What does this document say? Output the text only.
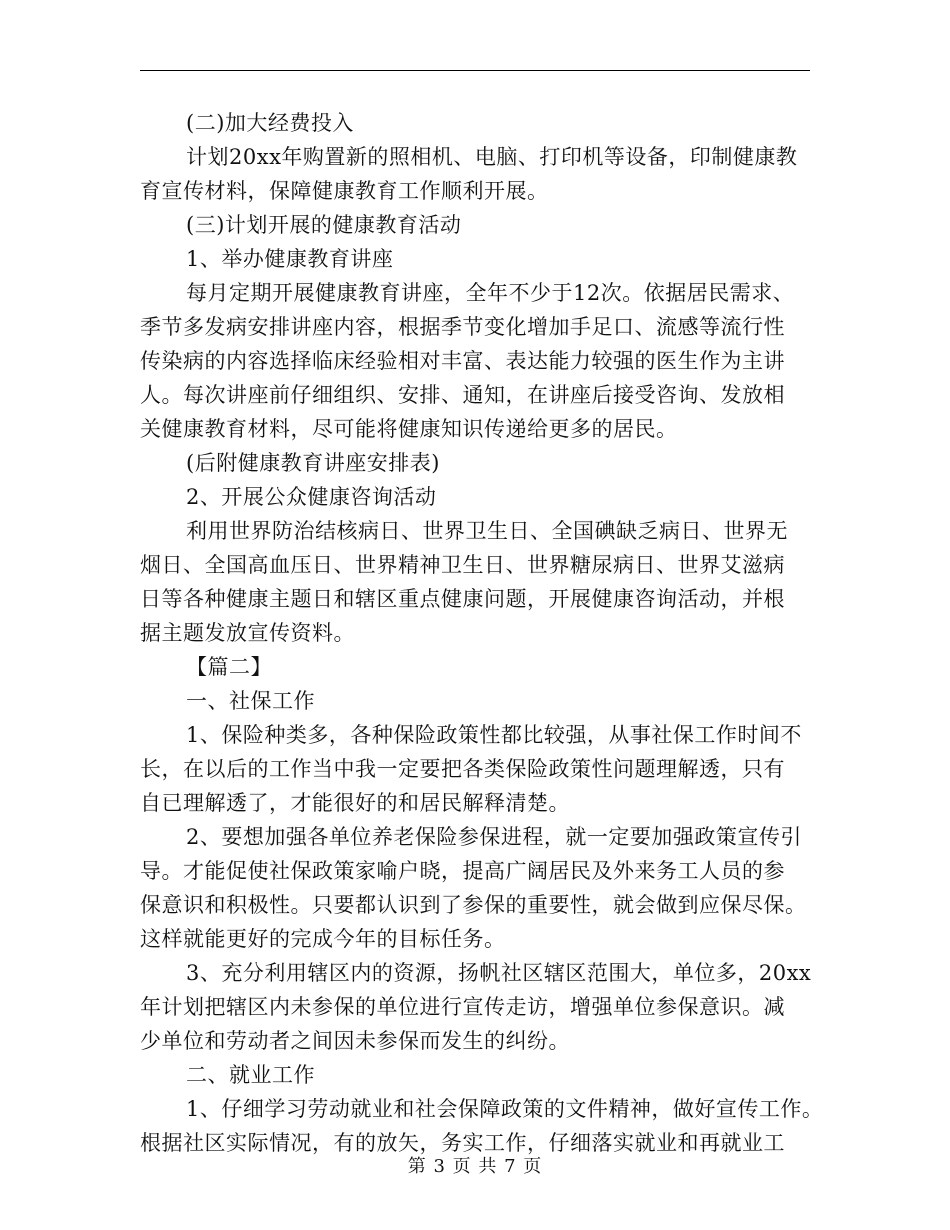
(二)加大经费投入
计划20xx年购置新的照相机、电脑、打印机等设备，印制健康教
育宣传材料，保障健康教育工作顺利开展。
(三)计划开展的健康教育活动
1、举办健康教育讲座
每月定期开展健康教育讲座，全年不少于12次。依据居民需求、
季节多发病安排讲座内容，根据季节变化增加手足口、流感等流行性
传染病的内容选择临床经验相对丰富、表达能力较强的医生作为主讲
人。每次讲座前仔细组织、安排、通知，在讲座后接受咨询、发放相
关健康教育材料，尽可能将健康知识传递给更多的居民。
(后附健康教育讲座安排表)
2、开展公众健康咨询活动
利用世界防治结核病日、世界卫生日、全国碘缺乏病日、世界无
烟日、全国高血压日、世界精神卫生日、世界糖尿病日、世界艾滋病
日等各种健康主题日和辖区重点健康问题，开展健康咨询活动，并根
据主题发放宣传资料。
【篇二】
一、社保工作
1、保险种类多，各种保险政策性都比较强，从事社保工作时间不
长，在以后的工作当中我一定要把各类保险政策性问题理解透，只有
自已理解透了，才能很好的和居民解释清楚。
2、要想加强各单位养老保险参保进程，就一定要加强政策宣传引
导。才能促使社保政策家喻户晓，提高广阔居民及外来务工人员的参
保意识和积极性。只要都认识到了参保的重要性，就会做到应保尽保。
这样就能更好的完成今年的目标任务。
3、充分利用辖区内的资源，扬帆社区辖区范围大，单位多，20xx
年计划把辖区内未参保的单位进行宣传走访，增强单位参保意识。减
少单位和劳动者之间因未参保而发生的纠纷。
二、就业工作
1、仔细学习劳动就业和社会保障政策的文件精神，做好宣传工作。
根据社区实际情况，有的放矢，务实工作，仔细落实就业和再就业工
第 3 页 共 7 页
